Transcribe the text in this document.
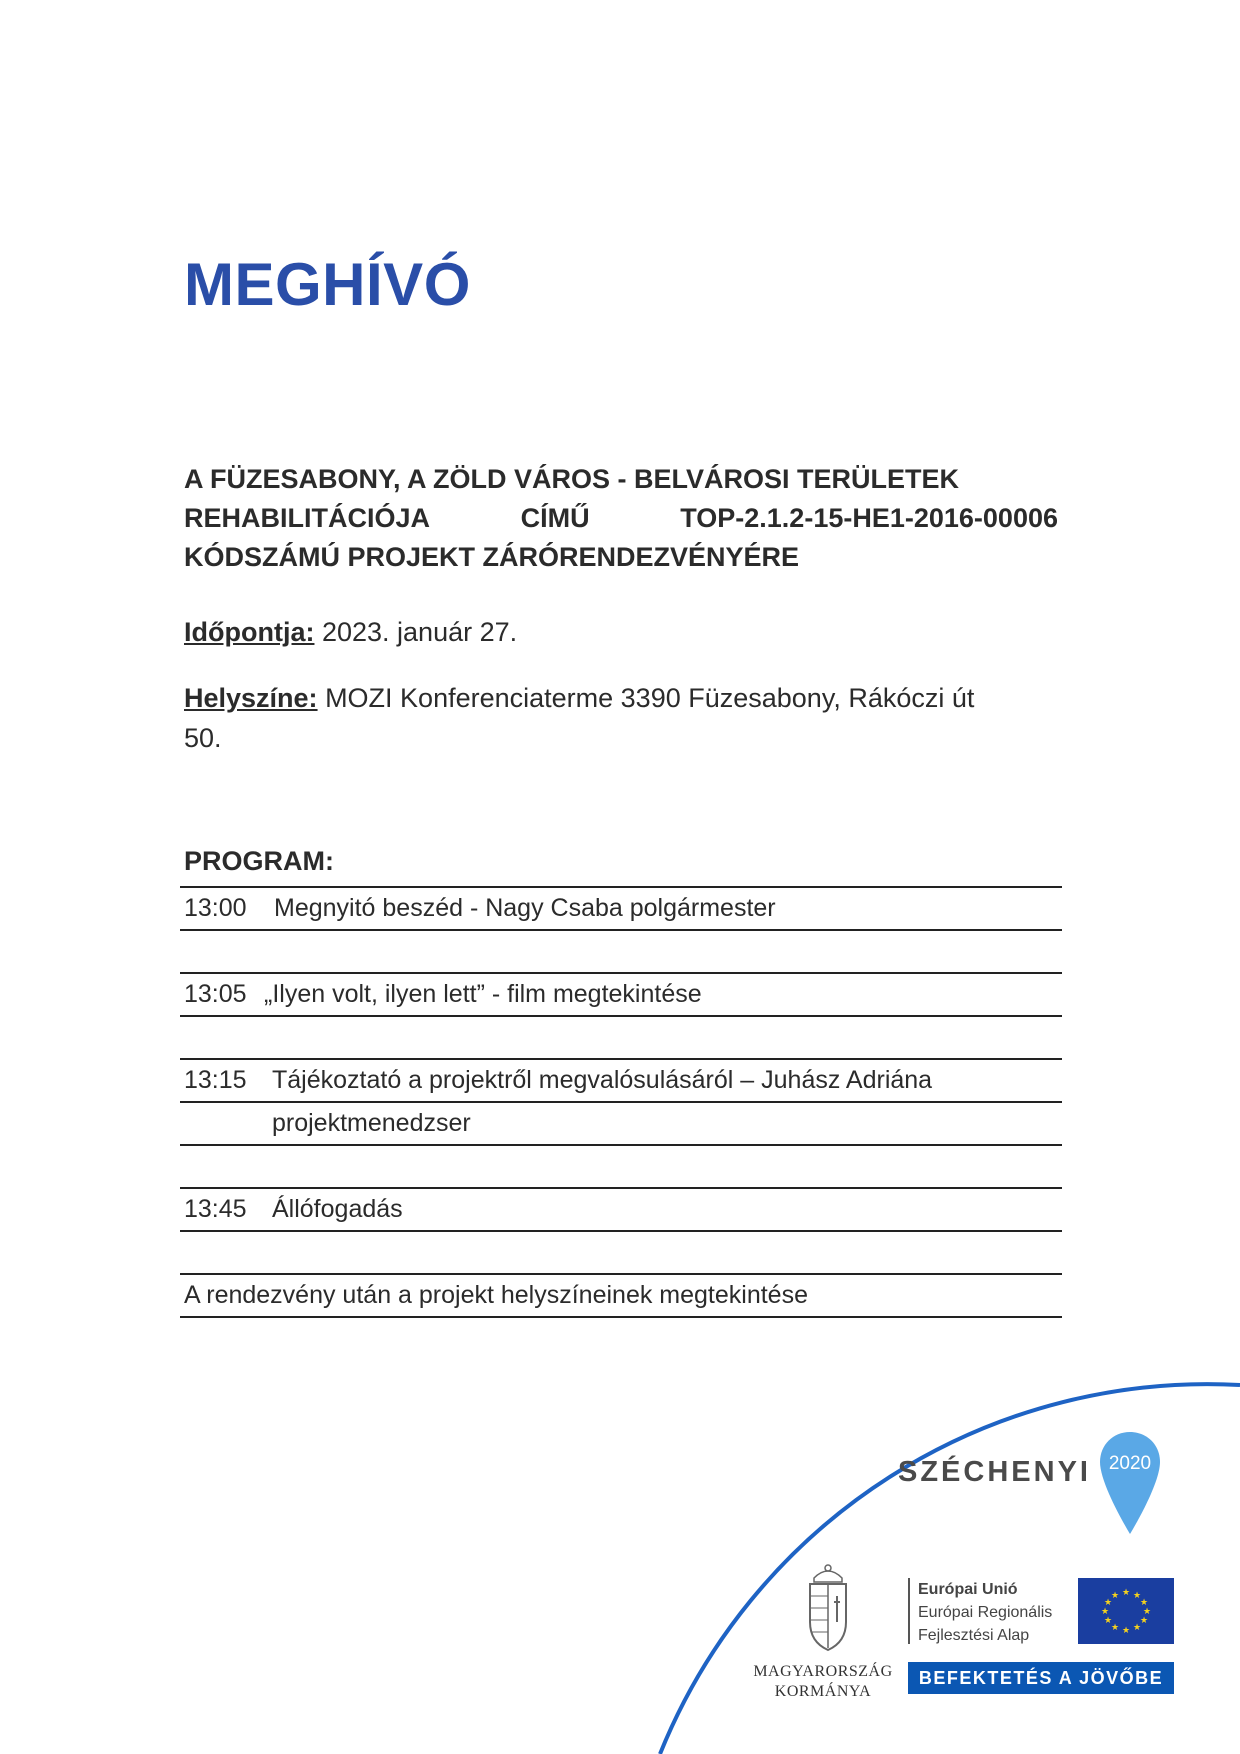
MEGHÍVÓ
A FÜZESABONY, A ZÖLD VÁROS - BELVÁROSI TERÜLETEK
REHABILITÁCIÓJA	CÍMŰ	TOP-2.1.2-15-HE1-2016-00006
KÓDSZÁMÚ PROJEKT ZÁRÓRENDEZVÉNYÉRE
Időpontja: 2023. január 27.
Helyszíne: MOZI Konferenciaterme 3390 Füzesabony, Rákóczi út
50.
PROGRAM:
13:00 Megnyitó beszéd - Nagy Csaba polgármester
13:05 „Ilyen volt, ilyen lett” - film megtekintése
13:15 Tájékoztató a projektről megvalósulásáról – Juhász Adriána
projektmenedzser
13:45 Állófogadás
A rendezvény után a projekt helyszíneinek megtekintése
SZÉCHENYI 2020
MAGYARORSZÁG
KORMÁNYA
Európai Unió
Európai Regionális
Fejlesztési Alap
★ ★
★
★
★
★
★
★
★
★
★
★
BEFEKTETÉS A JÖVŐBE
